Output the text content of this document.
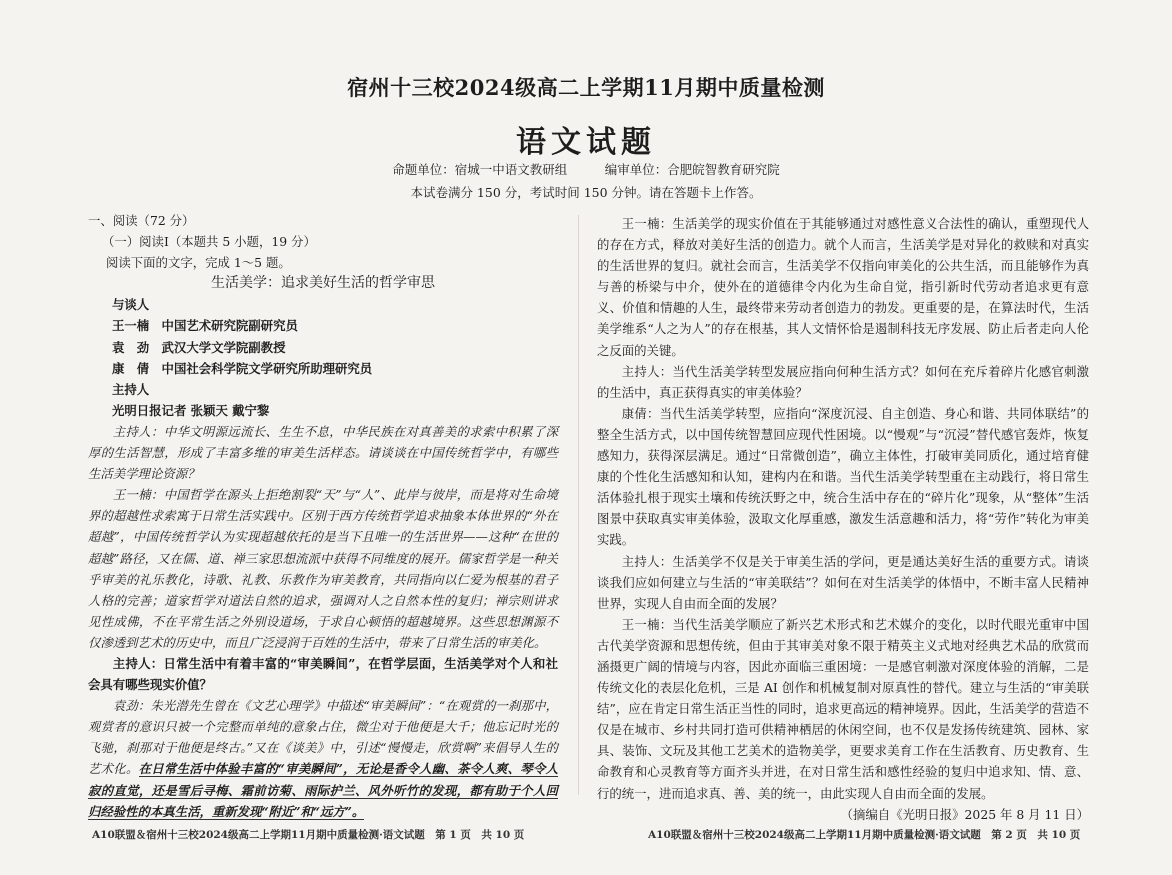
宿州十三校2024级高二上学期11月期中质量检测
语文试题
命题单位：宿城一中语文教研组　　　编审单位：合肥皖智教育研究院
本试卷满分 150 分，考试时间 150 分钟。请在答题卡上作答。

一、阅读（72 分）

（一）阅读Ⅰ（本题共 5 小题，19 分）

阅读下面的文字，完成 1～5 题。

生活美学：追求美好生活的哲学审思

与谈人

王一楠　中国艺术研究院副研究员

袁　劲　武汉大学文学院副教授

康　倩　中国社会科学院文学研究所助理研究员

主持人

光明日报记者 张颖天 戴宁黎

主持人：中华文明源远流长、生生不息，中华民族在对真善美的求索中积累了深厚的生活智慧，形成了丰富多维的审美生活样态。请谈谈在中国传统哲学中，有哪些生活美学理论资源？

王一楠：中国哲学在源头上拒绝割裂“天”与“人”、此岸与彼岸，而是将对生命境界的超越性求索寓于日常生活实践中。区别于西方传统哲学追求抽象本体世界的“外在超越”，中国传统哲学认为实现超越依托的是当下且唯一的生活世界——这种“在世的超越”路径，又在儒、道、禅三家思想流派中获得不同维度的展开。儒家哲学是一种关乎审美的礼乐教化，诗歌、礼教、乐教作为审美教育，共同指向以仁爱为根基的君子人格的完善；道家哲学对道法自然的追求，强调对人之自然本性的复归；禅宗则讲求见性成佛，不在平常生活之外别设道场，于求自心顿悟的超越境界。这些思想渊源不仅渗透到艺术的历史中，而且广泛浸润于百姓的生活中，带来了日常生活的审美化。

主持人：日常生活中有着丰富的“审美瞬间”，在哲学层面，生活美学对个人和社会具有哪些现实价值？

袁劲：朱光潜先生曾在《文艺心理学》中描述“审美瞬间”：“在观赏的一刹那中，观赏者的意识只被一个完整而单纯的意象占住，微尘对于他便是大千；他忘记时光的飞驰，刹那对于他便是终古。”又在《谈美》中，引述“慢慢走，欣赏啊”来倡导人生的艺术化。在日常生活中体验丰富的“审美瞬间”，无论是香令人幽、茶令人爽、琴令人寂的直觉，还是雪后寻梅、霜前访菊、雨际护兰、风外听竹的发现，都有助于个人回归经验性的本真生活，重新发现“附近”和“远方”。

王一楠：生活美学的现实价值在于其能够通过对感性意义合法性的确认，重塑现代人的存在方式，释放对美好生活的创造力。就个人而言，生活美学是对异化的救赎和对真实的生活世界的复归。就社会而言，生活美学不仅指向审美化的公共生活，而且能够作为真与善的桥梁与中介，使外在的道德律令内化为生命自觉，指引新时代劳动者追求更有意义、价值和情趣的人生，最终带来劳动者创造力的勃发。更重要的是，在算法时代，生活美学维系“人之为人”的存在根基，其人文情怀恰是遏制科技无序发展、防止后者走向人伦之反面的关键。

主持人：当代生活美学转型发展应指向何种生活方式？如何在充斥着碎片化感官刺激的生活中，真正获得真实的审美体验？

康倩：当代生活美学转型，应指向“深度沉浸、自主创造、身心和谐、共同体联结”的整全生活方式，以中国传统智慧回应现代性困境。以“慢观”与“沉浸”替代感官轰炸，恢复感知力，获得深层满足。通过“日常微创造”，确立主体性，打破审美同质化，通过培育健康的个性化生活感知和认知，建构内在和谐。当代生活美学转型重在主动践行，将日常生活体验扎根于现实土壤和传统沃野之中，统合生活中存在的“碎片化”现象，从“整体”生活图景中获取真实审美体验，汲取文化厚重感，激发生活意趣和活力，将“劳作”转化为审美实践。

主持人：生活美学不仅是关于审美生活的学问，更是通达美好生活的重要方式。请谈谈我们应如何建立与生活的“审美联结”？如何在对生活美学的体悟中，不断丰富人民精神世界，实现人自由而全面的发展？

王一楠：当代生活美学顺应了新兴艺术形式和艺术媒介的变化，以时代眼光重审中国古代美学资源和思想传统，但由于其审美对象不限于精英主义式地对经典艺术品的欣赏而涵摄更广阔的情境与内容，因此亦面临三重困境：一是感官刺激对深度体验的消解，二是传统文化的表层化危机，三是 AI 创作和机械复制对原真性的替代。建立与生活的“审美联结”，应在肯定日常生活正当性的同时，追求更高远的精神境界。因此，生活美学的营造不仅是在城市、乡村共同打造可供精神栖居的休闲空间，也不仅是发扬传统建筑、园林、家具、装饰、文玩及其他工艺美术的造物美学，更要求美育工作在生活教育、历史教育、生命教育和心灵教育等方面齐头并进，在对日常生活和感性经验的复归中追求知、情、意、行的统一，进而追求真、善、美的统一，由此实现人自由而全面的发展。

（摘编自《光明日报》2025 年 8 月 11 日）

A10联盟＆宿州十三校2024级高二上学期11月期中质量检测·语文试题　第 1 页　共 10 页	A10联盟＆宿州十三校2024级高二上学期11月期中质量检测·语文试题　第 2 页　共 10 页
